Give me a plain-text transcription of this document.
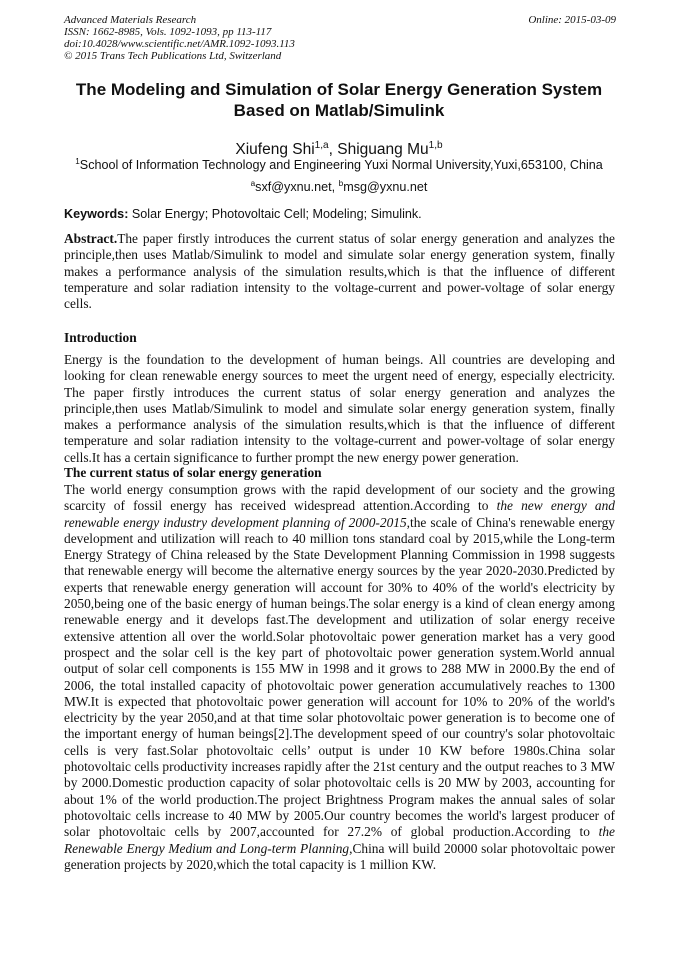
Advanced Materials Research
ISSN: 1662-8985, Vols. 1092-1093, pp 113-117
doi:10.4028/www.scientific.net/AMR.1092-1093.113
© 2015 Trans Tech Publications Ltd, Switzerland
Online: 2015-03-09
The Modeling and Simulation of Solar Energy Generation System Based on Matlab/Simulink
Xiufeng Shi$^{1,a}$, Shiguang Mu$^{1,b}$
$^1$School of Information Technology and Engineering Yuxi Normal University,Yuxi,653100, China
$^a$sxf@yxnu.net, $^b$msg@yxnu.net
Keywords: Solar Energy; Photovoltaic Cell; Modeling; Simulink.

Abstract.The paper firstly introduces the current status of solar energy generation and analyzes the principle,then uses Matlab/Simulink to model and simulate solar energy generation system, finally makes a performance analysis of the simulation results,which is that the influence of different temperature and solar radiation intensity to the voltage-current and power-voltage of solar energy cells.

Introduction

Energy is the foundation to the development of human beings. All countries are developing and looking for clean renewable energy sources to meet the urgent need of energy, especially electricity. The paper firstly introduces the current status of solar energy generation and analyzes the principle,then uses Matlab/Simulink to model and simulate solar energy generation system, finally makes a performance analysis of the simulation results,which is that the influence of different temperature and solar radiation intensity to the voltage-current and power-voltage of solar energy cells.It has a certain significance to further prompt the new energy power generation.

The current status of solar energy generation

The world energy consumption grows with the rapid development of our society and the growing scarcity of fossil energy has received widespread attention.According to the new energy and renewable energy industry development planning of 2000-2015,the scale of China's renewable energy development and utilization will reach to 40 million tons standard coal by 2015,while the Long-term Energy Strategy of China released by the State Development Planning Commission in 1998 suggests that renewable energy will become the alternative energy sources by the year 2020-2030.Predicted by experts that renewable energy generation will account for 30% to 40% of the world's electricity by 2050,being one of the basic energy of human beings.The solar energy is a kind of clean energy among renewable energy and it develops fast.The development and utilization of solar energy receive extensive attention all over the world.Solar photovoltaic power generation market has a very good prospect and the solar cell is the key part of photovoltaic power generation system.World annual output of solar cell components is 155 MW in 1998 and it grows to 288 MW in 2000.By the end of 2006, the total installed capacity of photovoltaic power generation accumulatively reaches to 1300 MW.It is expected that photovoltaic power generation will account for 10% to 20% of the world's electricity by the year 2050,and at that time solar photovoltaic power generation is to become one of the important energy of human beings[2].The development speed of our country's solar photovoltaic cells is very fast.Solar photovoltaic cells’ output is under 10 KW before 1980s.China solar photovoltaic cells productivity increases rapidly after the 21st century and the output reaches to 3 MW by 2000.Domestic production capacity of solar photovoltaic cells is 20 MW by 2003, accounting for about 1% of the world production.The project Brightness Program makes the annual sales of solar photovoltaic cells increase to 40 MW by 2005.Our country becomes the world's largest producer of solar photovoltaic cells by 2007,accounted for 27.2% of global production.According to the Renewable Energy Medium and Long-term Planning,China will build 20000 solar photovoltaic power generation projects by 2020,which the total capacity is 1 million KW.
